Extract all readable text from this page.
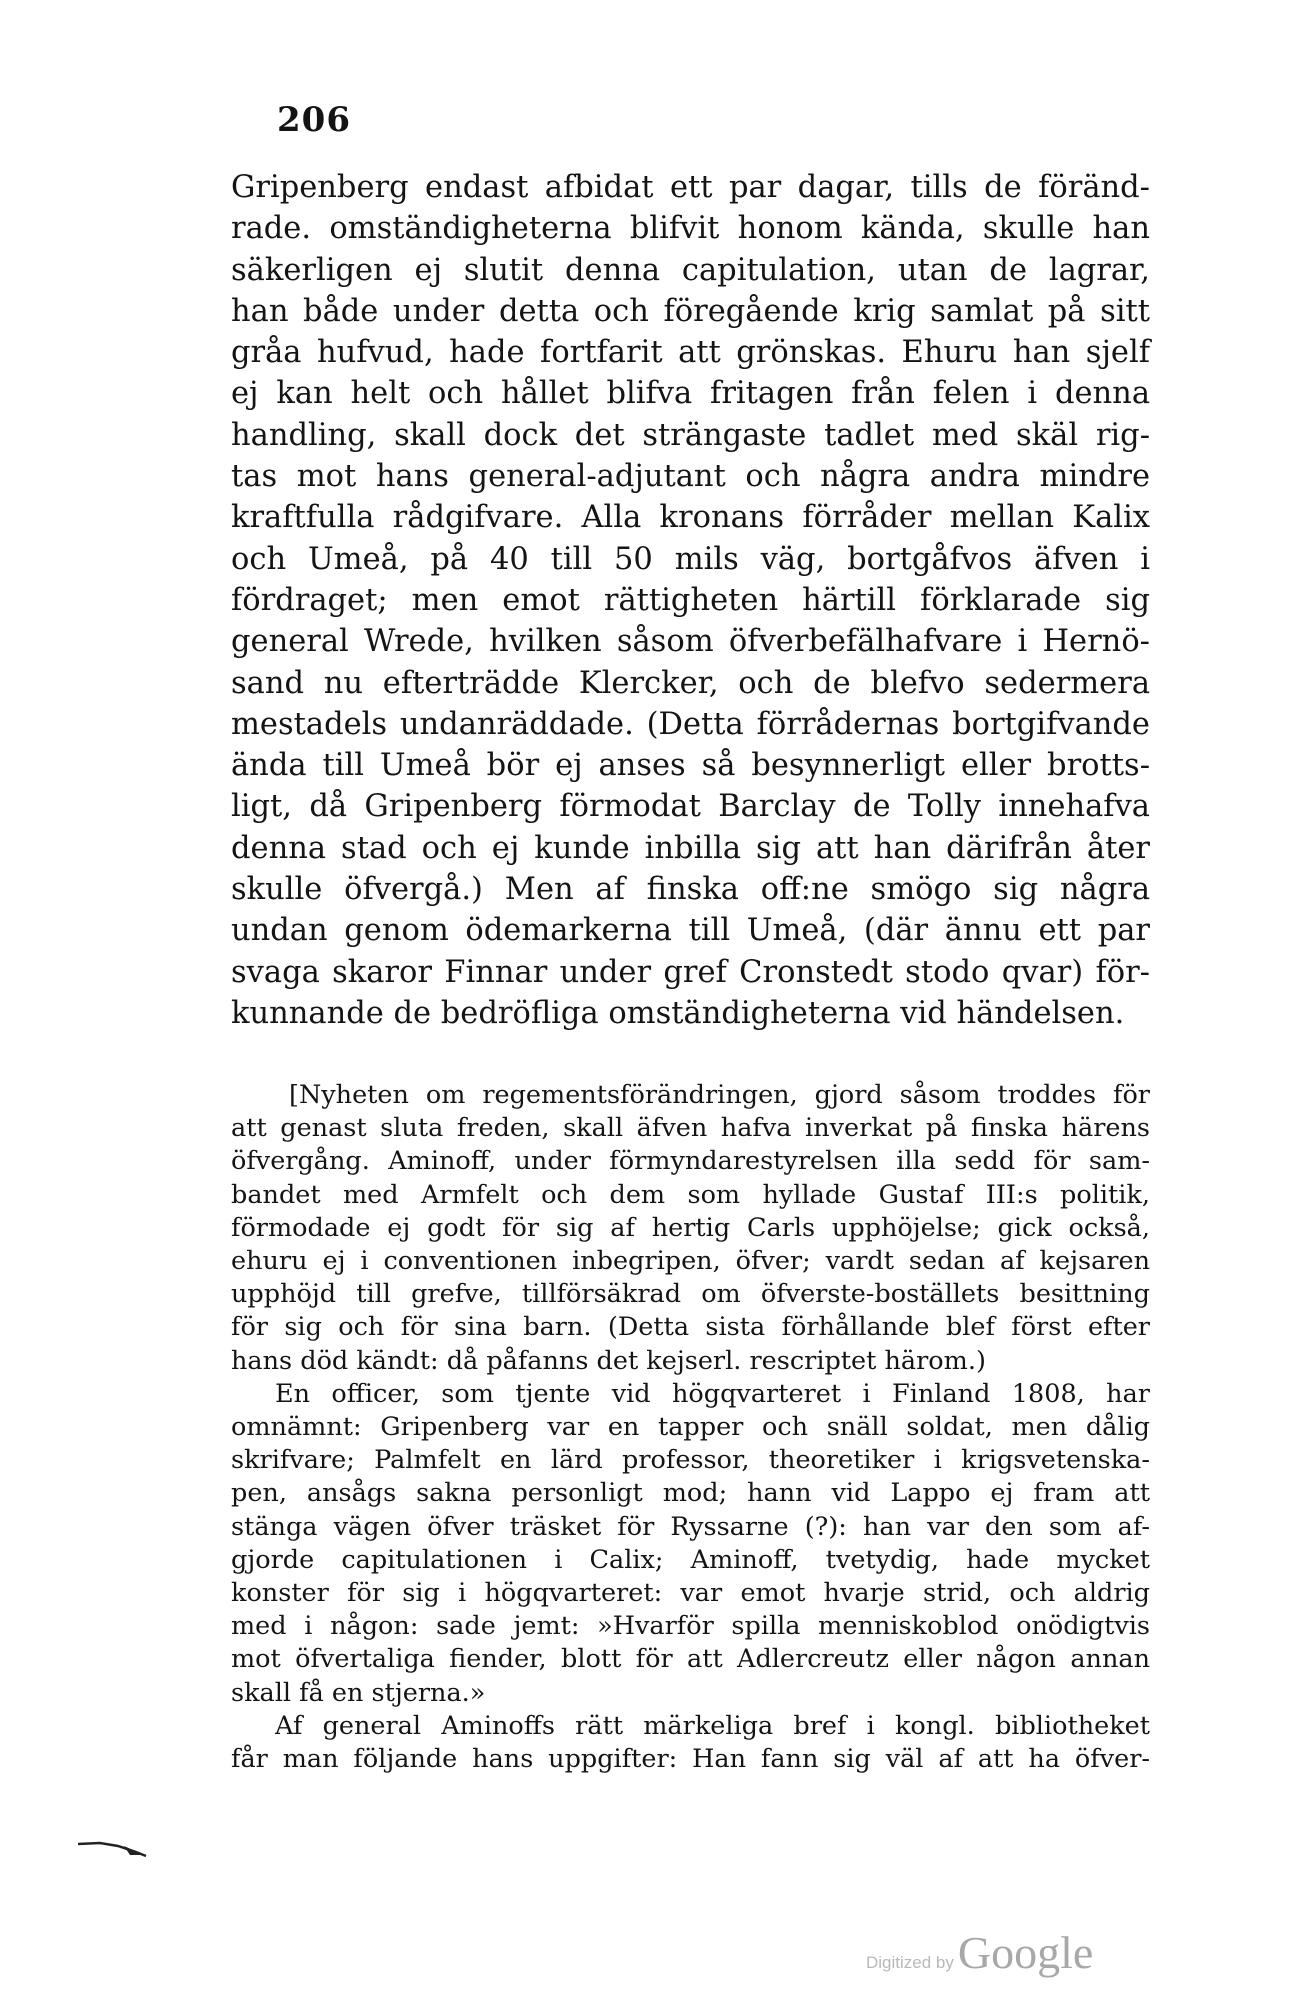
206
Gripenberg endast afbidat ett par dagar, tills de föränd-
rade. omständigheterna blifvit honom kända, skulle han
säkerligen ej slutit denna capitulation, utan de lagrar,
han både under detta och föregående krig samlat på sitt
gråa hufvud, hade fortfarit att grönskas. Ehuru han sjelf
ej kan helt och hållet blifva fritagen från felen i denna
handling, skall dock det strängaste tadlet med skäl rig-
tas mot hans general-adjutant och några andra mindre
kraftfulla rådgifvare. Alla kronans förråder mellan Kalix
och Umeå, på 40 till 50 mils väg, bortgåfvos äfven i
fördraget; men emot rättigheten härtill förklarade sig
general Wrede, hvilken såsom öfverbefälhafvare i Hernö-
sand nu efterträdde Klercker, och de blefvo sedermera
mestadels undanräddade. (Detta förrådernas bortgifvande
ända till Umeå bör ej anses så besynnerligt eller brotts-
ligt, då Gripenberg förmodat Barclay de Tolly innehafva
denna stad och ej kunde inbilla sig att han därifrån åter
skulle öfvergå.) Men af finska off:ne smögo sig några
undan genom ödemarkerna till Umeå, (där ännu ett par
svaga skaror Finnar under gref Cronstedt stodo qvar) för-
kunnande de bedröfliga omständigheterna vid händelsen.
[Nyheten om regementsförändringen, gjord såsom troddes för
att genast sluta freden, skall äfven hafva inverkat på finska härens
öfvergång. Aminoff, under förmyndarestyrelsen illa sedd för sam-
bandet med Armfelt och dem som hyllade Gustaf III:s politik,
förmodade ej godt för sig af hertig Carls upphöjelse; gick också,
ehuru ej i conventionen inbegripen, öfver; vardt sedan af kejsaren
upphöjd till grefve, tillförsäkrad om öfverste-boställets besittning
för sig och för sina barn. (Detta sista förhållande blef först efter
hans död kändt: då påfanns det kejserl. rescriptet härom.)
En officer, som tjente vid högqvarteret i Finland 1808, har
omnämnt: Gripenberg var en tapper och snäll soldat, men dålig
skrifvare; Palmfelt en lärd professor, theoretiker i krigsvetenska-
pen, ansågs sakna personligt mod; hann vid Lappo ej fram att
stänga vägen öfver träsket för Ryssarne (?): han var den som af-
gjorde capitulationen i Calix; Aminoff, tvetydig, hade mycket
konster för sig i högqvarteret: var emot hvarje strid, och aldrig
med i någon: sade jemt: »Hvarför spilla menniskoblod onödigtvis
mot öfvertaliga fiender, blott för att Adlercreutz eller någon annan
skall få en stjerna.»
Af general Aminoffs rätt märkeliga bref i kongl. bibliotheket
får man följande hans uppgifter: Han fann sig väl af att ha öfver-
Digitized by Google
